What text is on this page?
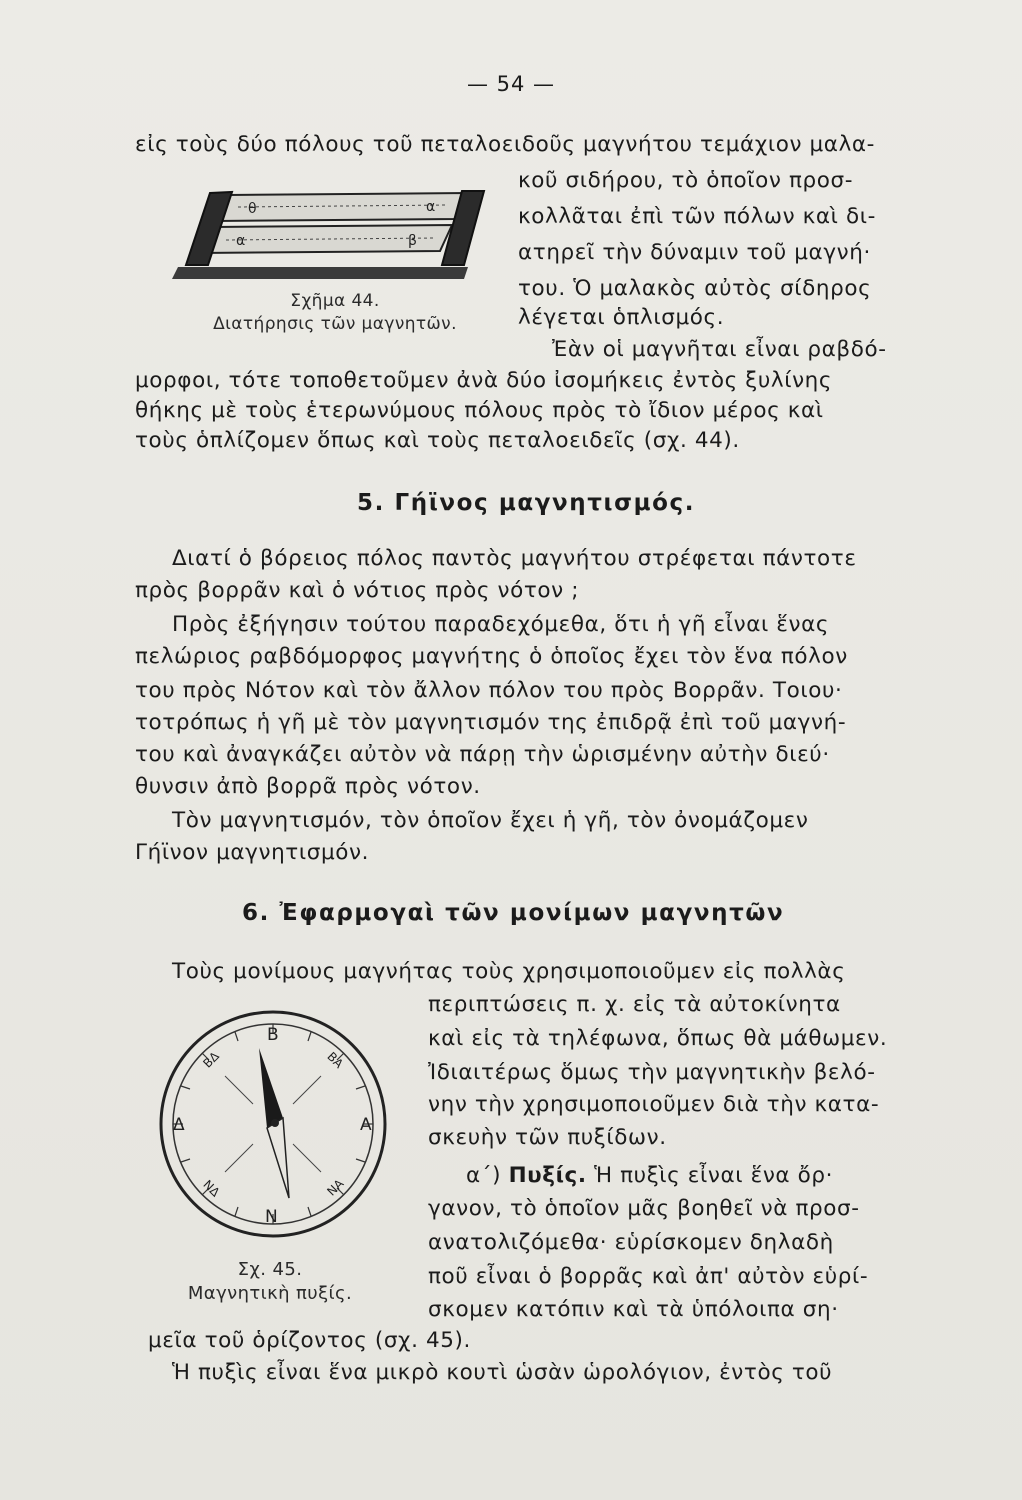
— 54 —
εἰς τοὺς δύο πόλους τοῦ πεταλοειδοῦς μαγνήτου τεμάχιον μαλα-
κοῦ σιδήρου, τὸ ὁποῖον προσ-
κολλᾶται ἐπὶ τῶν πόλων καὶ δι-
ατηρεῖ τὴν δύναμιν τοῦ μαγνή·
του. Ὁ μαλακὸς αὐτὸς σίδηρος
λέγεται ὁπλισμός.
Ἐὰν οἱ μαγνῆται εἶναι ραβδό-
μορφοι, τότε τοποθετοῦμεν ἀνὰ δύο ἰσομήκεις ἐντὸς ξυλίνης
θήκης μὲ τοὺς ἑτερωνύμους πόλους πρὸς τὸ ἴδιον μέρος καὶ
τοὺς ὁπλίζομεν ὅπως καὶ τοὺς πεταλοειδεῖς (σχ. 44).
θ	α
α	β
Σχῆμα 44.
Διατήρησις τῶν μαγνητῶν.
5. Γήϊνος μαγνητισμός.
Διατί ὁ βόρειος πόλος παντὸς μαγνήτου στρέφεται πάντοτε
πρὸς βορρᾶν καὶ ὁ νότιος πρὸς νότον ;
Πρὸς ἐξήγησιν τούτου παραδεχόμεθα, ὅτι ἡ γῆ εἶναι ἕνας
πελώριος ραβδόμορφος μαγνήτης ὁ ὁποῖος ἔχει τὸν ἕνα πόλον
του πρὸς Νότον καὶ τὸν ἄλλον πόλον του πρὸς Βορρᾶν. Τοιου·
τοτρόπως ἡ γῆ μὲ τὸν μαγνητισμόν της ἐπιδρᾷ ἐπὶ τοῦ μαγνή-
του καὶ ἀναγκάζει αὐτὸν νὰ πάρῃ τὴν ὡρισμένην αὐτὴν διεύ·
θυνσιν ἀπὸ βορρᾶ πρὸς νότον.
Τὸν μαγνητισμόν, τὸν ὁποῖον ἔχει ἡ γῆ, τὸν ὀνομάζομεν
Γήϊνον μαγνητισμόν.
6. Ἐφαρμογαὶ τῶν μονίμων μαγνητῶν
Τοὺς μονίμους μαγνήτας τοὺς χρησιμοποιοῦμεν εἰς πολλὰς
περιπτώσεις π. χ. εἰς τὰ αὐτοκίνητα
καὶ εἰς τὰ τηλέφωνα, ὅπως θὰ μάθωμεν.
Ἰδιαιτέρως ὅμως τὴν μαγνητικὴν βελό-
νην τὴν χρησιμοποιοῦμεν διὰ τὴν κατα-
σκευὴν τῶν πυξίδων.
α΄) Πυξίς. Ἡ πυξὶς εἶναι ἕνα ὄρ·
γανον, τὸ ὁποῖον μᾶς βοηθεῖ νὰ προσ-
ανατολιζόμεθα· εὑρίσκομεν δηλαδὴ
ποῦ εἶναι ὁ βορρᾶς καὶ ἀπ' αὐτὸν εὑρί-
σκομεν κατόπιν καὶ τὰ ὑπόλοιπα ση·
μεῖα τοῦ ὁρίζοντος (σχ. 45).
Ἡ πυξὶς εἶναι ἕνα μικρὸ κουτὶ ὡσὰν ὡρολόγιον, ἐντὸς τοῦ
Β
Ν
Δ	Α
ΒΔ	ΒΑ
ΝΔ	ΝΑ
Σχ. 45.
Μαγνητικὴ πυξίς.
